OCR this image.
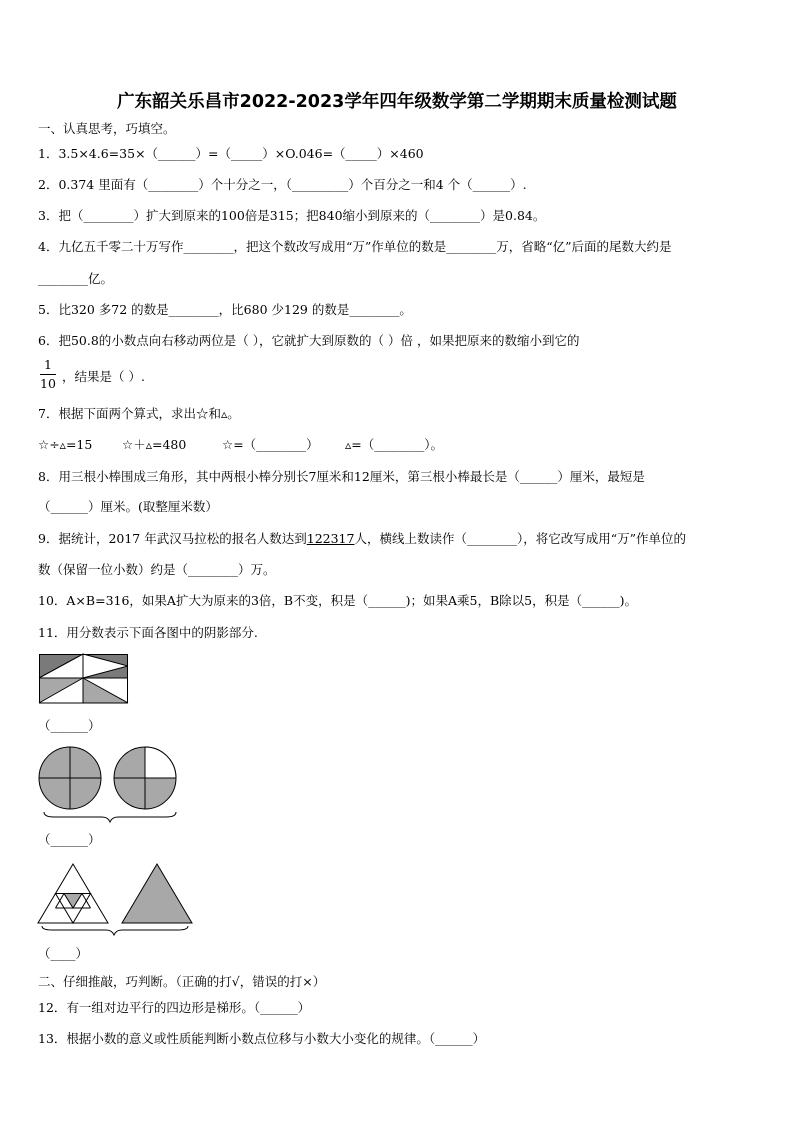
广东韶关乐昌市2022-2023学年四年级数学第二学期期末质量检测试题
一、认真思考，巧填空。
1．3.5×4.6=35×（______）=（_____）×O.046=（_____）×460
2．0.374 里面有（________）个十分之一，（_________）个百分之一和4 个（______）.
3．把（________）扩大到原来的100倍是315；把840缩小到原来的（________）是0.84。
4．九亿五千零二十万写作________，把这个数改写成用“万”作单位的数是________万，省略“亿”后面的尾数大约是
________亿。
5．比320 多72 的数是________，比680 少129 的数是________。
6．把50.8的小数点向右移动两位是（ ），它就扩大到原数的（ ）倍 ，如果把原来的数缩小到它的
1
10 ，结果是（ ）.
7．根据下面两个算式，求出☆和▵。
☆÷▵=15 ☆＋▵=480	☆=（________） ▵=（________）。
8．用三根小棒围成三角形，其中两根小棒分别长7厘米和12厘米，第三根小棒最长是（______）厘米，最短是
（______）厘米。(取整厘米数）
9．据统计，2017 年武汉马拉松的报名人数达到122317人，横线上数读作（________），将它改写成用“万”作单位的
数（保留一位小数）约是（________）万。
10．A×B=316，如果A扩大为原来的3倍，B不变，积是（______)；如果A乘5，B除以5，积是（______)。
11．用分数表示下面各图中的阴影部分.
（______）
（______）
（____）
二、仔细推敲，巧判断。（正确的打√，错误的打×）
12．有一组对边平行的四边形是梯形。（______）
13．根据小数的意义或性质能判断小数点位移与小数大小变化的规律。（______）
